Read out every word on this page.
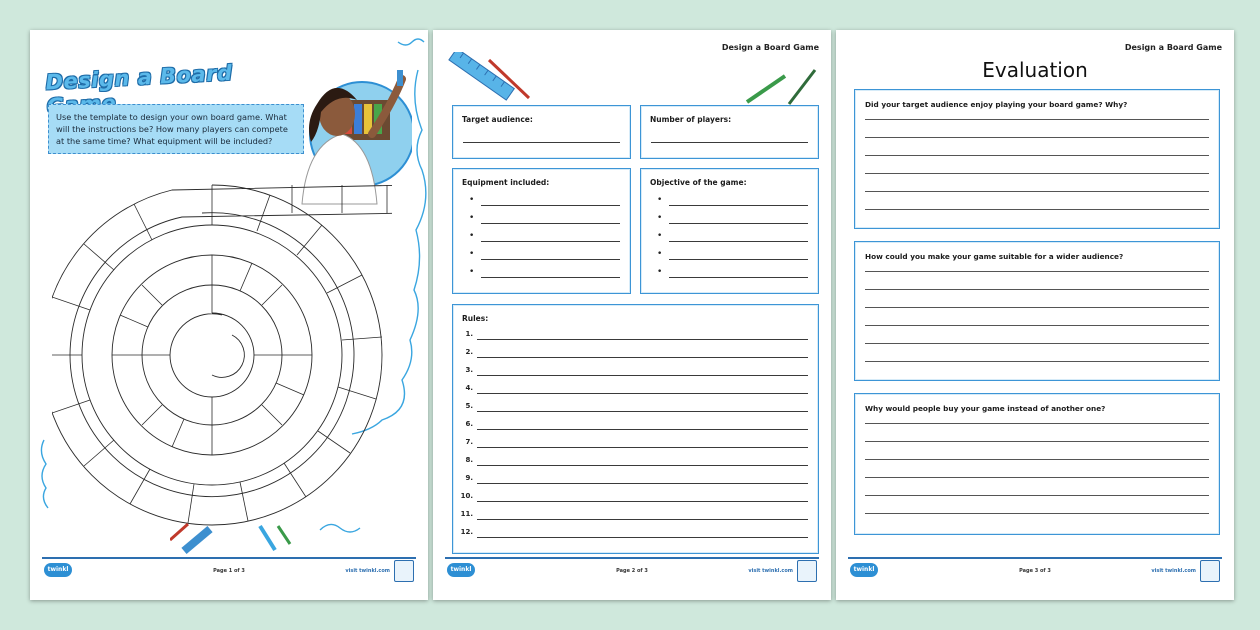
Design a Board
Use the template to design your own board game. What will the instructions be? How many players can compete at the same time? What equipment will be included?
twinkl	Page 1 of 3	visit twinkl.com
Design a Board Game
Target audience:	Number of players:
Equipment included:
•
•
•
•
•
Objective of the game:
•
•
•
•
•
Rules:
1.
2.
3.
4.
5.
6.
7.
8.
9.
10.
11.
12.
twinkl	Page 2 of 3	visit twinkl.com
Design a Board Game
Evaluation
Did your target audience enjoy playing your board game? Why?
How could you make your game suitable for a wider audience?
Why would people buy your game instead of another one?
twinkl	Page 3 of 3	visit twinkl.com
